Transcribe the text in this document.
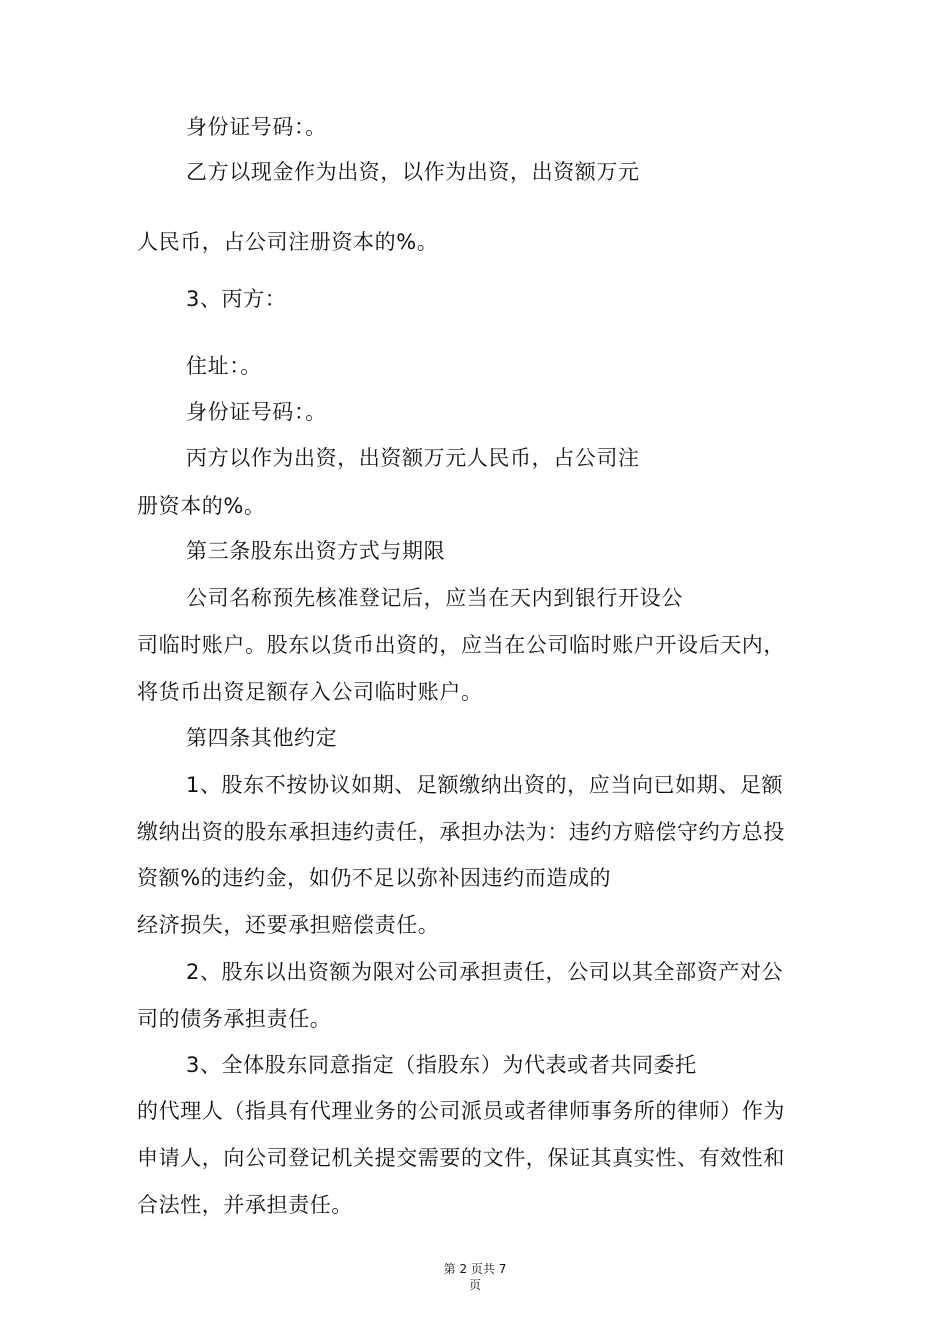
身份证号码：。
乙方以现金作为出资，以作为出资，出资额万元
人民币，占公司注册资本的%。
3、丙方：
住址：。
身份证号码：。
丙方以作为出资，出资额万元人民币，占公司注
册资本的%。
第三条股东出资方式与期限
公司名称预先核准登记后，应当在天内到银行开设公
司临时账户。股东以货币出资的，应当在公司临时账户开设后天内，
将货币出资足额存入公司临时账户。
第四条其他约定
1、股东不按协议如期、足额缴纳出资的，应当向已如期、足额
缴纳出资的股东承担违约责任，承担办法为：违约方赔偿守约方总投
资额%的违约金，如仍不足以弥补因违约而造成的
经济损失，还要承担赔偿责任。
2、股东以出资额为限对公司承担责任，公司以其全部资产对公
司的债务承担责任。
3、全体股东同意指定（指股东）为代表或者共同委托
的代理人（指具有代理业务的公司派员或者律师事务所的律师）作为
申请人，向公司登记机关提交需要的文件，保证其真实性、有效性和
合法性，并承担责任。
第 2 页共 7
页
